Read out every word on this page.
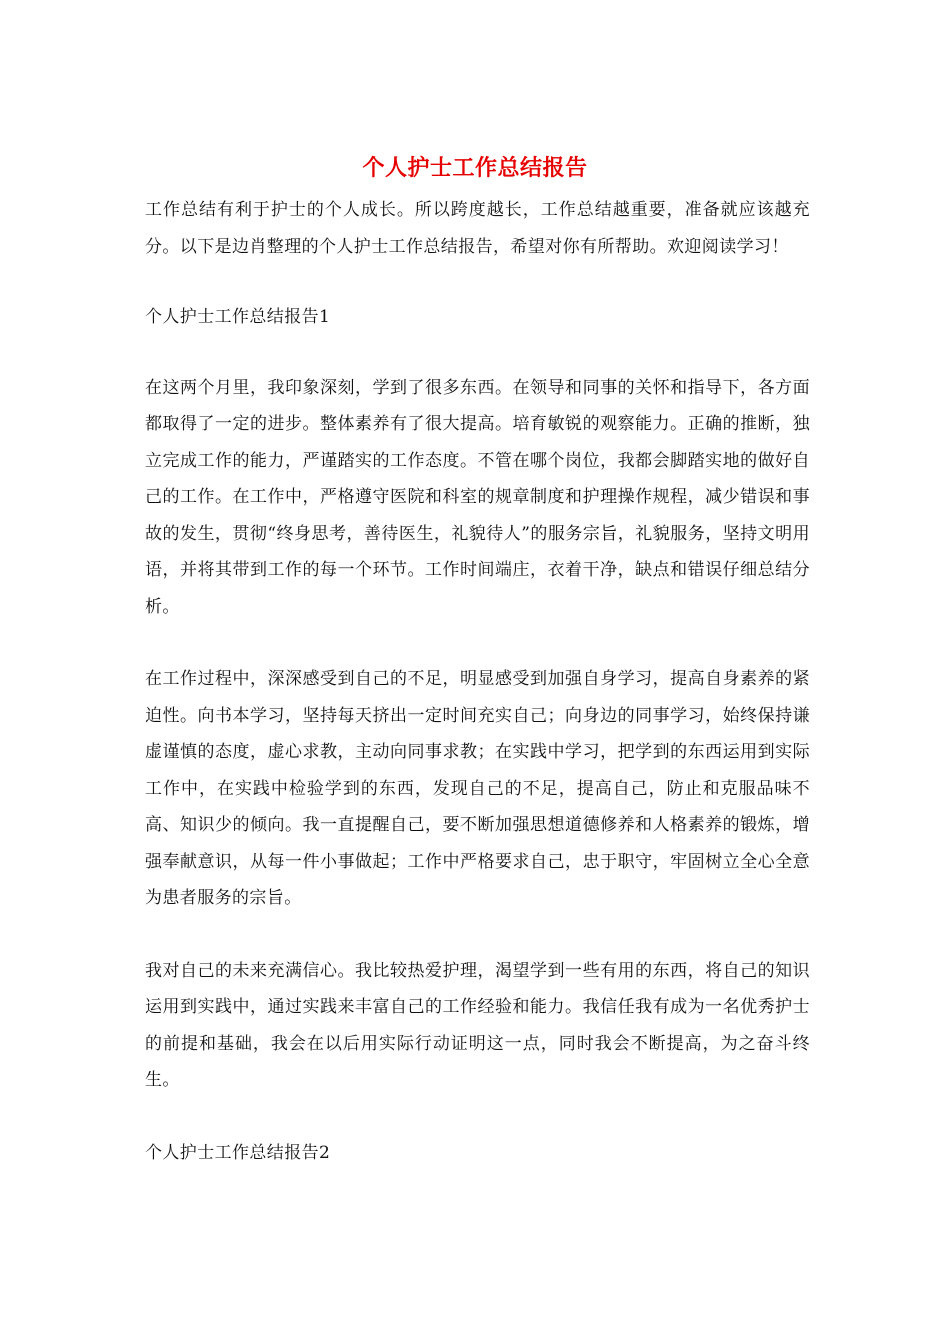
个人护士工作总结报告

工作总结有利于护士的个人成长。所以跨度越长，工作总结越重要，准备就应该越充分。以下是边肖整理的个人护士工作总结报告，希望对你有所帮助。欢迎阅读学习！

个人护士工作总结报告1

在这两个月里，我印象深刻，学到了很多东西。在领导和同事的关怀和指导下，各方面都取得了一定的进步。整体素养有了很大提高。培育敏锐的观察能力。正确的推断，独立完成工作的能力，严谨踏实的工作态度。不管在哪个岗位，我都会脚踏实地的做好自己的工作。在工作中，严格遵守医院和科室的规章制度和护理操作规程，减少错误和事故的发生，贯彻“终身思考，善待医生，礼貌待人”的服务宗旨，礼貌服务，坚持文明用语，并将其带到工作的每一个环节。工作时间端庄，衣着干净，缺点和错误仔细总结分析。

在工作过程中，深深感受到自己的不足，明显感受到加强自身学习，提高自身素养的紧迫性。向书本学习，坚持每天挤出一定时间充实自己；向身边的同事学习，始终保持谦虚谨慎的态度，虚心求教，主动向同事求教；在实践中学习，把学到的东西运用到实际工作中，在实践中检验学到的东西，发现自己的不足，提高自己，防止和克服品味不高、知识少的倾向。我一直提醒自己，要不断加强思想道德修养和人格素养的锻炼，增强奉献意识，从每一件小事做起；工作中严格要求自己，忠于职守，牢固树立全心全意为患者服务的宗旨。

我对自己的未来充满信心。我比较热爱护理，渴望学到一些有用的东西，将自己的知识运用到实践中，通过实践来丰富自己的工作经验和能力。我信任我有成为一名优秀护士的前提和基础，我会在以后用实际行动证明这一点，同时我会不断提高，为之奋斗终生。

个人护士工作总结报告2
